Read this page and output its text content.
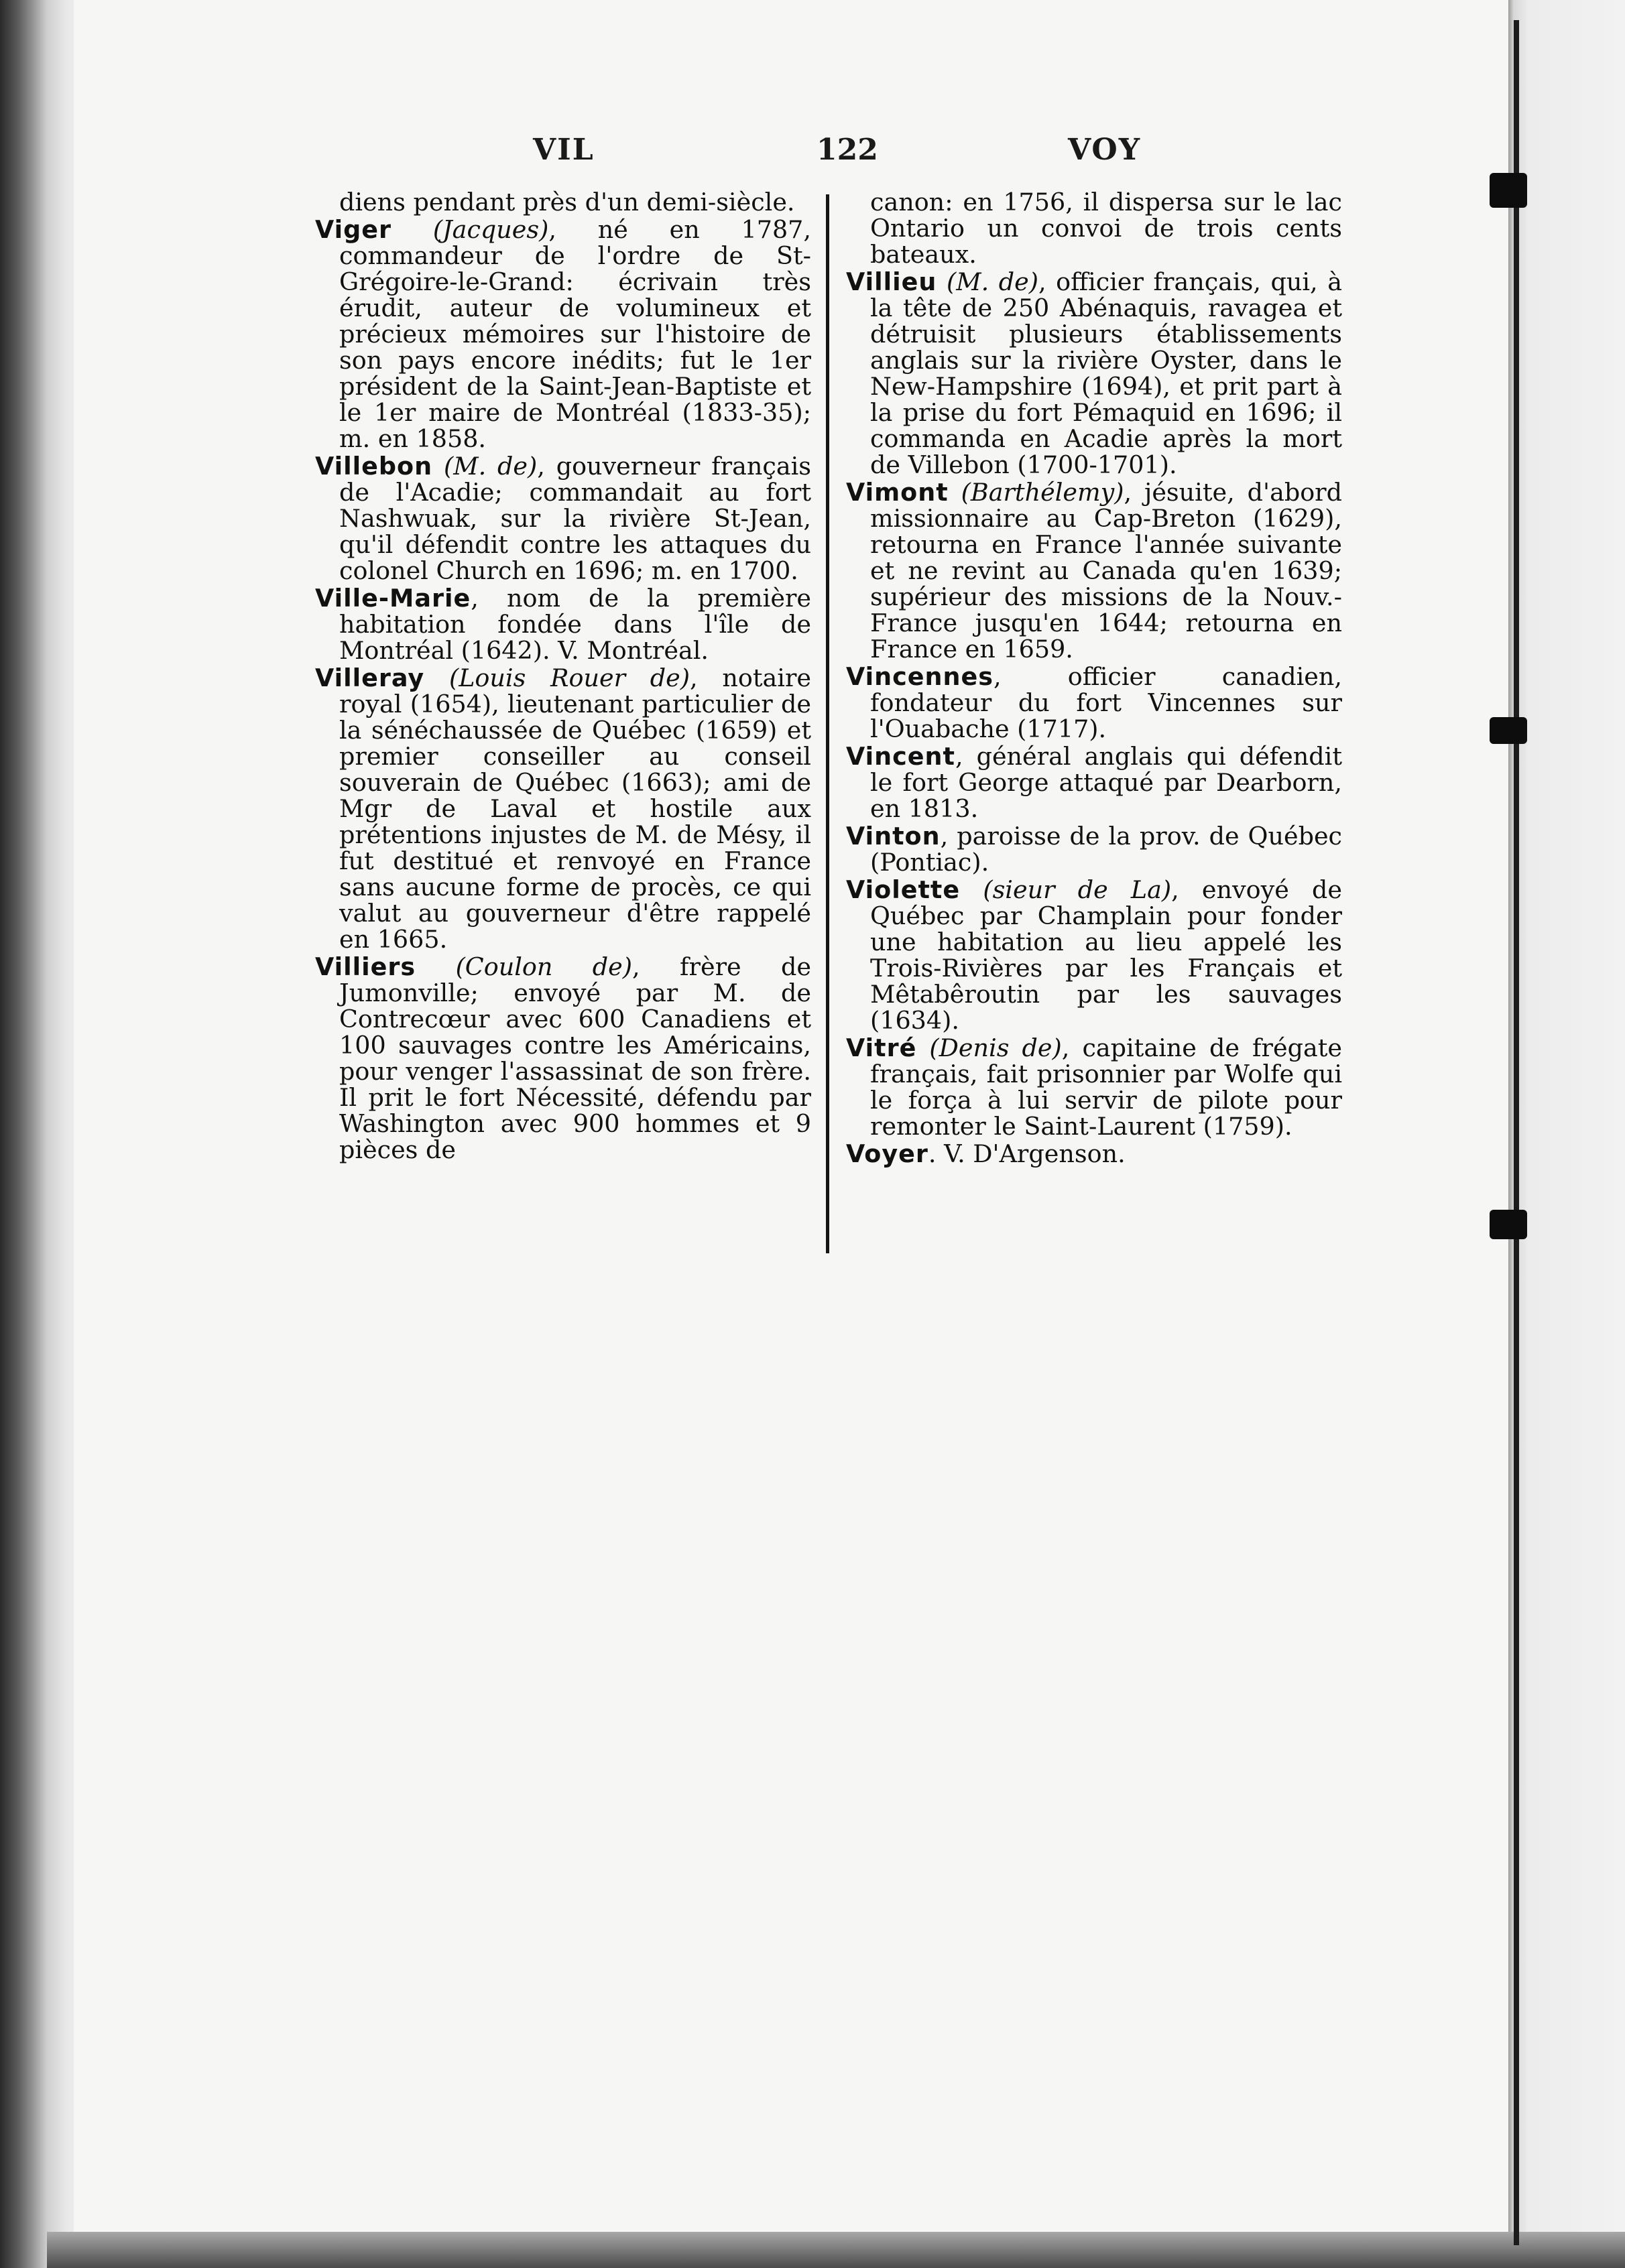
VIL	122	VOY

diens pendant près d'un demi-siècle.

Viger (Jacques), né en 1787, commandeur de l'ordre de St-Grégoire-le-Grand: écrivain très érudit, auteur de volumineux et précieux mémoires sur l'histoire de son pays encore inédits; fut le 1er président de la Saint-Jean-Baptiste et le 1er maire de Montréal (1833-35); m. en 1858.

Villebon (M. de), gouverneur français de l'Acadie; commandait au fort Nashwuak, sur la rivière St-Jean, qu'il défendit contre les attaques du colonel Church en 1696; m. en 1700.

Ville-Marie, nom de la première habitation fondée dans l'île de Montréal (1642). V. Montréal.

Villeray (Louis Rouer de), notaire royal (1654), lieutenant particulier de la sénéchaussée de Québec (1659) et premier conseiller au conseil souverain de Québec (1663); ami de Mgr de Laval et hostile aux prétentions injustes de M. de Mésy, il fut destitué et renvoyé en France sans aucune forme de procès, ce qui valut au gouverneur d'être rappelé en 1665.

Villiers (Coulon de), frère de Jumonville; envoyé par M. de Contrecœur avec 600 Canadiens et 100 sauvages contre les Américains, pour venger l'assassinat de son frère. Il prit le fort Nécessité, défendu par Washington avec 900 hommes et 9 pièces de

canon: en 1756, il dispersa sur le lac Ontario un convoi de trois cents bateaux.

Villieu (M. de), officier français, qui, à la tête de 250 Abénaquis, ravagea et détruisit plusieurs établissements anglais sur la rivière Oyster, dans le New-Hampshire (1694), et prit part à la prise du fort Pémaquid en 1696; il commanda en Acadie après la mort de Villebon (1700-1701).

Vimont (Barthélemy), jésuite, d'abord missionnaire au Cap-Breton (1629), retourna en France l'année suivante et ne revint au Canada qu'en 1639; supérieur des missions de la Nouv.-France jusqu'en 1644; retourna en France en 1659.

Vincennes, officier canadien, fondateur du fort Vincennes sur l'Ouabache (1717).

Vincent, général anglais qui défendit le fort George attaqué par Dearborn, en 1813.

Vinton, paroisse de la prov. de Québec (Pontiac).

Violette (sieur de La), envoyé de Québec par Champlain pour fonder une habitation au lieu appelé les Trois-Rivières par les Français et Mêtabêroutin par les sauvages (1634).

Vitré (Denis de), capitaine de frégate français, fait prisonnier par Wolfe qui le força à lui servir de pilote pour remonter le Saint-Laurent (1759).

Voyer. V. D'Argenson.
